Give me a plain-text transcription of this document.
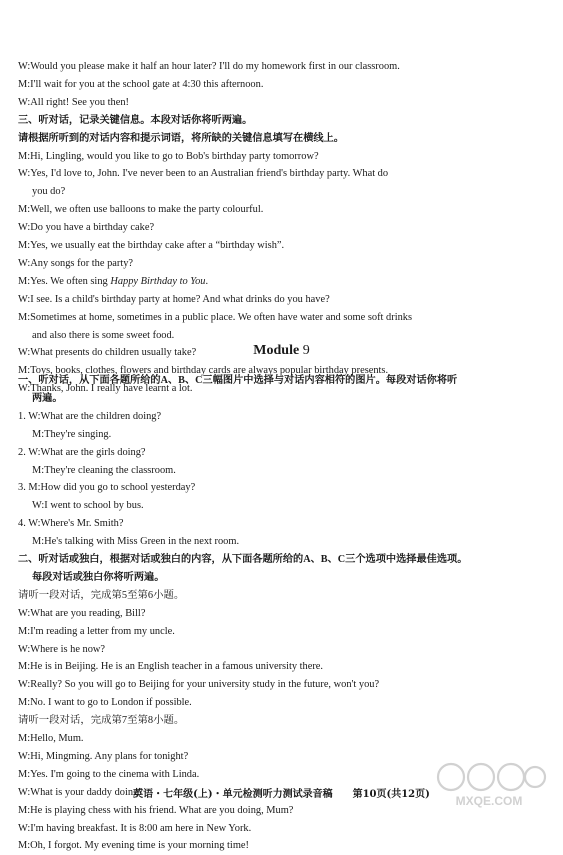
W:Would you please make it half an hour later? I'll do my homework first in our classroom.
M:I'll wait for you at the school gate at 4:30 this afternoon.
W:All right! See you then!
三、听对话，记录关键信息。本段对话你将听两遍。
请根据所听到的对话内容和提示词语，将所缺的关键信息填写在横线上。
M:Hi, Lingling, would you like to go to Bob's birthday party tomorrow?
W:Yes, I'd love to, John. I've never been to an Australian friend's birthday party. What do
you do?
M:Well, we often use balloons to make the party colourful.
W:Do you have a birthday cake?
M:Yes, we usually eat the birthday cake after a “birthday wish”.
W:Any songs for the party?
M:Yes. We often sing Happy Birthday to You.
W:I see. Is a child's birthday party at home? And what drinks do you have?
M:Sometimes at home, sometimes in a public place. We often have water and some soft drinks
and also there is some sweet food.
W:What presents do children usually take?
M:Toys, books, clothes, flowers and birthday cards are always popular birthday presents.
W:Thanks, John. I really have learnt a lot.
一、听对话，从下面各题所给的A、B、C三幅图片中选择与对话内容相符的图片。每段对话你将听
两遍。
1. W:What are the children doing?
M:They're singing.
2. W:What are the girls doing?
M:They're cleaning the classroom.
3. M:How did you go to school yesterday?
W:I went to school by bus.
4. W:Where's Mr. Smith?
M:He's talking with Miss Green in the next room.
二、听对话或独白，根据对话或独白的内容，从下面各题所给的A、B、C三个选项中选择最佳选项。
每段对话或独白你将听两遍。
请听一段对话，完成第5至第6小题。
W:What are you reading, Bill?
M:I'm reading a letter from my uncle.
W:Where is he now?
M:He is in Beijing. He is an English teacher in a famous university there.
W:Really? So you will go to Beijing for your university study in the future, won't you?
M:No. I want to go to London if possible.
请听一段对话，完成第7至第8小题。
M:Hello, Mum.
W:Hi, Mingming. Any plans for tonight?
M:Yes. I'm going to the cinema with Linda.
W:What is your daddy doing?
M:He is playing chess with his friend. What are you doing, Mum?
W:I'm having breakfast. It is 8:00 am here in New York.
M:Oh, I forgot. My evening time is your morning time!
Module 9
英语・七年级(上)・单元检测听力测试录音稿　　第10页(共12页)	MXQE.COM
